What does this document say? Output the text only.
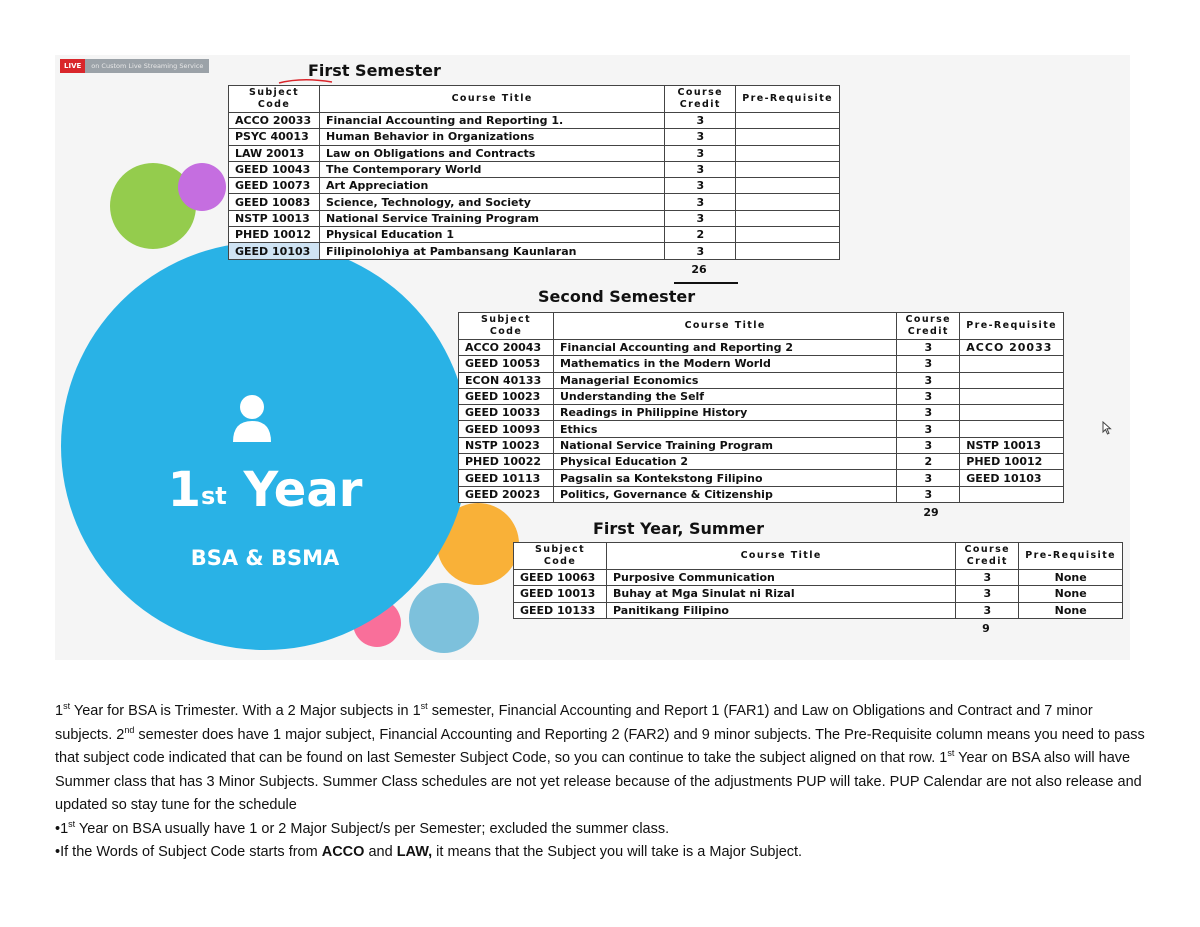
LIVE	on Custom Live Streaming Service
1st Year
BSA & BSMA
First Semester
Subject Code	Course Title	Course Credit	Pre-Requisite
ACCO 20033	Financial Accounting and Reporting 1.	3	
PSYC 40013	Human Behavior in Organizations	3	
LAW 20013	Law on Obligations and Contracts	3	
GEED 10043	The Contemporary World	3	
GEED 10073	Art Appreciation	3	
GEED 10083	Science, Technology, and Society	3	
NSTP 10013	National Service Training Program	3	
PHED 10012	Physical Education 1	2	
GEED 10103	Filipinolohiya at Pambansang Kaunlaran	3	
26
Second Semester
Subject Code	Course Title	Course Credit	Pre-Requisite
ACCO 20043	Financial Accounting and Reporting 2	3	ACCO 20033
GEED 10053	Mathematics in the Modern World	3	
ECON 40133	Managerial Economics	3	
GEED 10023	Understanding the Self	3	
GEED 10033	Readings in Philippine History	3	
GEED 10093	Ethics	3	
NSTP 10023	National Service Training Program	3	NSTP 10013
PHED 10022	Physical Education 2	2	PHED 10012
GEED 10113	Pagsalin sa Kontekstong Filipino	3	GEED 10103
GEED 20023	Politics, Governance & Citizenship	3	
29
First Year, Summer
Subject Code	Course Title	Course Credit	Pre-Requisite
GEED 10063	Purposive Communication	3	None
GEED 10013	Buhay at Mga Sinulat ni Rizal	3	None
GEED 10133	Panitikang Filipino	3	None
9

1st Year for BSA is Trimester. With a 2 Major subjects in 1st semester, Financial Accounting and Report 1 (FAR1) and Law on Obligations and Contract and 7 minor subjects. 2nd semester does have 1 major subject, Financial Accounting and Reporting 2 (FAR2) and 9 minor subjects. The Pre-Requisite column means you need to pass that subject code indicated that can be found on last Semester Subject Code, so you can continue to take the subject aligned on that row. 1st Year on BSA also will have Summer class that has 3 Minor Subjects. Summer Class schedules are not yet release because of the adjustments PUP will take. PUP Calendar are not also release and updated so stay tune for the schedule

•1st Year on BSA usually have 1 or 2 Major Subject/s per Semester; excluded the summer class.

•If the Words of Subject Code starts from ACCO and LAW, it means that the Subject you will take is a Major Subject.
